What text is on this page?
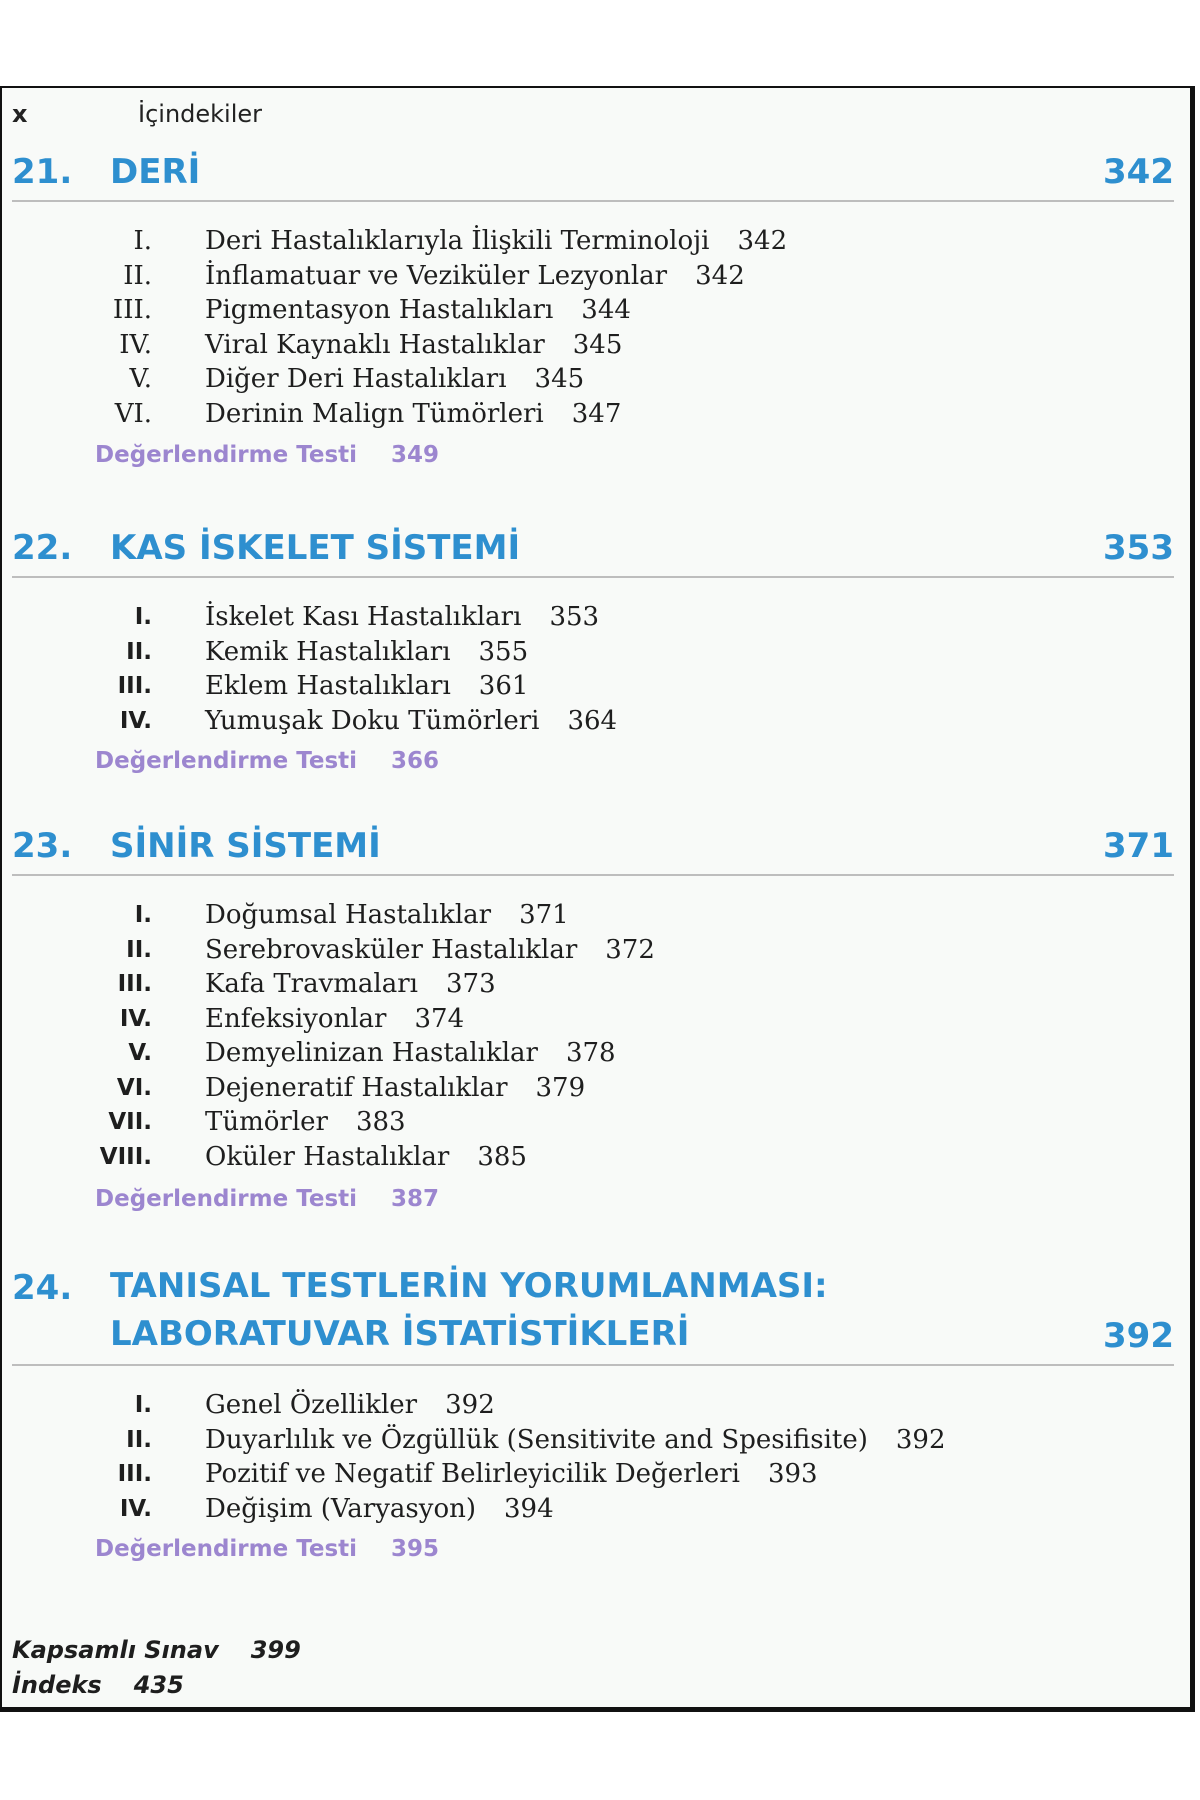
x	İçindekiler
21. DERİ	342
I. Deri Hastalıklarıyla İlişkili Terminoloji 342
II. İnflamatuar ve Veziküler Lezyonlar 342
III. Pigmentasyon Hastalıkları 344
IV. Viral Kaynaklı Hastalıklar 345
V. Diğer Deri Hastalıkları 345
VI. Derinin Malign Tümörleri 347
Değerlendirme Testi 349
22. KAS İSKELET SİSTEMİ	353
I. İskelet Kası Hastalıkları 353
II. Kemik Hastalıkları 355
III. Eklem Hastalıkları 361
IV. Yumuşak Doku Tümörleri 364
Değerlendirme Testi 366
23. SİNİR SİSTEMİ	371
I. Doğumsal Hastalıklar 371
II. Serebrovasküler Hastalıklar 372
III. Kafa Travmaları 373
IV. Enfeksiyonlar 374
V. Demyelinizan Hastalıklar 378
VI. Dejeneratif Hastalıklar 379
VII. Tümörler 383
VIII. Oküler Hastalıklar 385
Değerlendirme Testi 387
24. TANISAL TESTLERİN YORUMLANMASI:
LABORATUVAR İSTATİSTİKLERİ	392
I. Genel Özellikler 392
II. Duyarlılık ve Özgüllük (Sensitivite and Spesifisite) 392
III. Pozitif ve Negatif Belirleyicilik Değerleri 393
IV. Değişim (Varyasyon) 394
Değerlendirme Testi 395
Kapsamlı Sınav 399
İndeks 435
